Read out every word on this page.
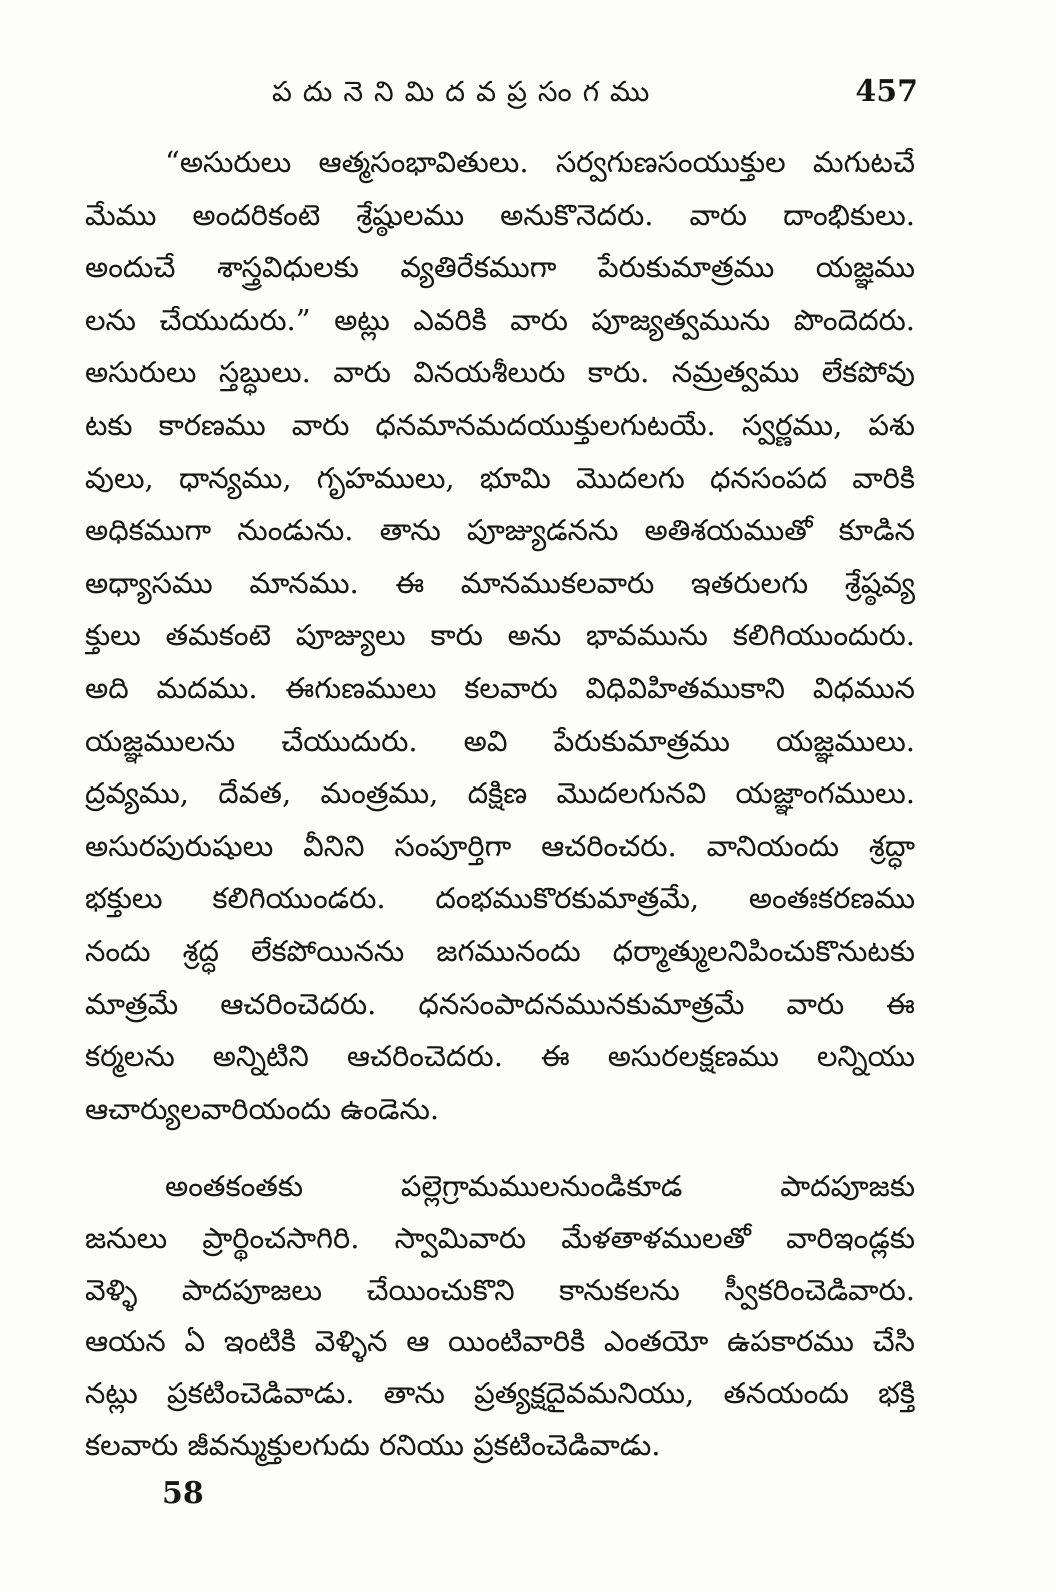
పదునెనిమిదవప్రసంగము	457
“అసురులు ఆత్మసంభావితులు. సర్వగుణసంయుక్తుల మగుటచే
మేము అందరికంటె శ్రేష్ఠులము అనుకొనెదరు. వారు దాంభికులు.
అందుచే శాస్త్రవిధులకు వ్యతిరేకముగా పేరుకుమాత్రము యజ్ఞము
లను చేయుదురు.” అట్లు ఎవరికి వారు పూజ్యత్వమును పొందెదరు.
అసురులు స్తబ్ధులు. వారు వినయశీలురు కారు. నమ్రత్వము లేకపోవు
టకు కారణము వారు ధనమానమదయుక్తులగుటయే. స్వర్ణము, పశు
వులు, ధాన్యము, గృహములు, భూమి మొదలగు ధనసంపద వారికి
అధికముగా నుండును. తాను పూజ్యుడనను అతిశయముతో కూడిన
అధ్యాసము మానము. ఈ మానముకలవారు ఇతరులగు శ్రేష్ఠవ్య
క్తులు తమకంటె పూజ్యులు కారు అను భావమును కలిగియుందురు.
అది మదము. ఈగుణములు కలవారు విధివిహితముకాని విధమున
యజ్ఞములను చేయుదురు. అవి పేరుకుమాత్రము యజ్ఞములు.
ద్రవ్యము, దేవత, మంత్రము, దక్షిణ మొదలగునవి యజ్ఞాంగములు.
అసురపురుషులు వీనిని సంపూర్తిగా ఆచరించరు. వానియందు శ్రద్ధా
భక్తులు కలిగియుండరు. దంభముకొరకుమాత్రమే, అంతఃకరణము
నందు శ్రద్ధ లేకపోయినను జగమునందు ధర్మాత్ములనిపించుకొనుటకు
మాత్రమే ఆచరించెదరు. ధనసంపాదనమునకుమాత్రమే వారు ఈ
కర్మలను అన్నిటిని ఆచరించెదరు. ఈ అసురలక్షణము లన్నియు
ఆచార్యులవారియందు ఉండెను.
అంతకంతకు పల్లెగ్రామములనుండికూడ పాదపూజకు
జనులు ప్రార్థించసాగిరి. స్వామివారు మేళతాళములతో వారిఇండ్లకు
వెళ్ళి పాదపూజలు చేయించుకొని కానుకలను స్వీకరించెడివారు.
ఆయన ఏ ఇంటికి వెళ్ళిన ఆ యింటివారికి ఎంతయో ఉపకారము చేసి
నట్లు ప్రకటించెడివాడు. తాను ప్రత్యక్షదైవమనియు, తనయందు భక్తి
కలవారు జీవన్ముక్తులగుదు రనియు ప్రకటించెడివాడు.
58
